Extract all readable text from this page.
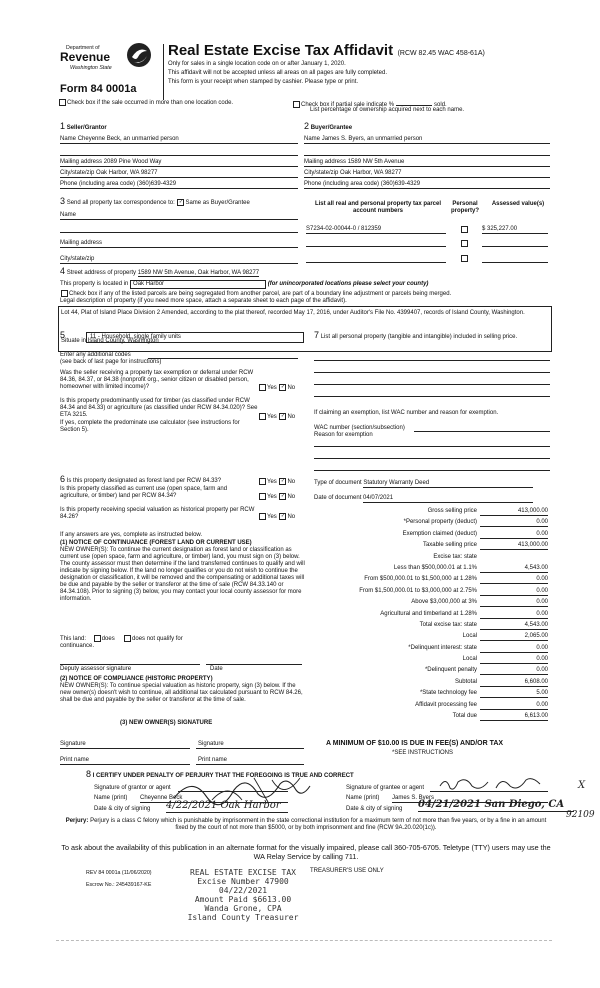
Department of
Revenue
Washington State
Form 84 0001a
Real Estate Excise Tax Affidavit (RCW 82.45 WAC 458-61A)
Only for sales in a single location code on or after January 1, 2020.
This affidavit will not be accepted unless all areas on all pages are fully completed.
This form is your receipt when stamped by cashier. Please type or print.
Check box if the sale occurred in more than one location code.	Check box if partial sale indicate %	sold.
List percentage of ownership acquired next to each name.
1 Seller/Grantor
Name Cheyenne Beck, an unmarried person
Mailing address 2089 Pine Wood Way
City/state/zip Oak Harbor, WA 98277
Phone (including area code) (360)639-4329
2 Buyer/Grantee
Name James S. Byers, an unmarried person
Mailing address 1589 NW 5th Avenue
City/state/zip Oak Harbor, WA 98277
Phone (including area code) (360)639-4329
3 Send all property tax correspondence to: ✓ Same as Buyer/Grantee
Name
Mailing address
City/state/zip
List all real and personal property tax parcel account numbers
Personal property?
Assessed value(s)
S7234-02-00044-0 / 812359	$ 325,227.00
4 Street address of property 1589 NW 5th Avenue, Oak Harbor, WA 98277
This property is located in Oak Harbor	(for unincorporated locations please select your county)
Check box if any of the listed parcels are being segregated from another parcel, are part of a boundary line adjustment or parcels being merged.
Legal description of property (if you need more space, attach a separate sheet to each page of the affidavit).
Lot 44, Plat of Island Place Division 2 Amended, according to the plat thereof, recorded May 17, 2016, under Auditor's File No. 4399407, records of Island County, Washington.
Situate in Island County, Washington
5	11 - Household, single family units
Enter any additional codes
(see back of last page for instructions)
Was the seller receiving a property tax exemption or deferral under RCW 84.36, 84.37, or 84.38 (nonprofit org., senior citizen or disabled person, homeowner with limited income)?	Yes ✓ No
Is this property predominantly used for timber (as classified under RCW 84.34 and 84.33) or agriculture (as classified under RCW 84.34.020)? See ETA 3215.	Yes ✓ No
If yes, complete the predominate use calculator (see instructions for Section 5).
7 List all personal property (tangible and intangible) included in selling price.
If claiming an exemption, list WAC number and reason for exemption.
WAC number (section/subsection)
Reason for exemption
6 Is this property designated as forest land per RCW 84.33?	Yes ✓ No
Is this property classified as current use (open space, farm and agriculture, or timber) land per RCW 84.34?	Yes ✓ No
Is this property receiving special valuation as historical property per RCW 84.26?	Yes ✓ No
If any answers are yes, complete as instructed below.
(1) NOTICE OF CONTINUANCE (FOREST LAND OR CURRENT USE)
NEW OWNER(S): To continue the current designation as forest land or classification as current use (open space, farm and agriculture, or timber) land, you must sign on (3) below. The county assessor must then determine if the land transferred continues to qualify and will indicate by signing below. If the land no longer qualifies or you do not wish to continue the designation or classification, it will be removed and the compensating or additional taxes will be due and payable by the seller or transferor at the time of sale (RCW 84.33.140 or 84.34.108). Prior to signing (3) below, you may contact your local county assessor for more information.
This land:	does	does not qualify for
continuance.
Deputy assessor signature	Date
(2) NOTICE OF COMPLIANCE (HISTORIC PROPERTY)
NEW OWNER(S): To continue special valuation as historic property, sign (3) below. If the new owner(s) doesn't wish to continue, all additional tax calculated pursuant to RCW 84.26, shall be due and payable by the seller or transferor at the time of sale.
(3) NEW OWNER(S) SIGNATURE
Signature	Signature
Print name	Print name
Type of document Statutory Warranty Deed
Date of document 04/07/2021
Gross selling price	413,000.00
*Personal property (deduct)	0.00
Exemption claimed (deduct)	0.00
Taxable selling price	413,000.00
Excise tax: state
Less than $500,000.01 at 1.1%	4,543.00
From $500,000.01 to $1,500,000 at 1.28%	0.00
From $1,500,000.01 to $3,000,000 at 2.75%	0.00
Above $3,000,000 at 3%	0.00
Agricultural and timberland at 1.28%	0.00
Total excise tax: state	4,543.00
Local	2,065.00
*Delinquent interest: state	0.00
Local	0.00
*Delinquent penalty	0.00
Subtotal	6,608.00
*State technology fee	5.00
Affidavit processing fee	0.00
Total due	6,613.00
A MINIMUM OF $10.00 IS DUE IN FEE(S) AND/OR TAX
*SEE INSTRUCTIONS
8 I CERTIFY UNDER PENALTY OF PERJURY THAT THE FOREGOING IS TRUE AND CORRECT
Signature of grantor or agent
Name (print) Cheyenne Beck
Date & city of signing 4/22/2021 Oak Harbor
Signature of grantee or agent	X
Name (print) James S. Byers
Date & city of signing 04/21/2021 San Diego, CA
92109
Perjury: Perjury is a class C felony which is punishable by imprisonment in the state correctional institution for a maximum term of not more than five years, or by a fine in an amount fixed by the court of not more than $5000, or by both imprisonment and fine (RCW 9A.20.020(1c)).
To ask about the availability of this publication in an alternate format for the visually impaired, please call 360-705-6705. Teletype (TTY) users may use the WA Relay Service by calling 711.
REV 84 0001a (11/06/2020)
Escrow No.: 245439167-KE
TREASURER'S USE ONLY
REAL ESTATE EXCISE TAX
Excise Number 47900
04/22/2021
Amount Paid $6613.00
Wanda Grone, CPA
Island County Treasurer
